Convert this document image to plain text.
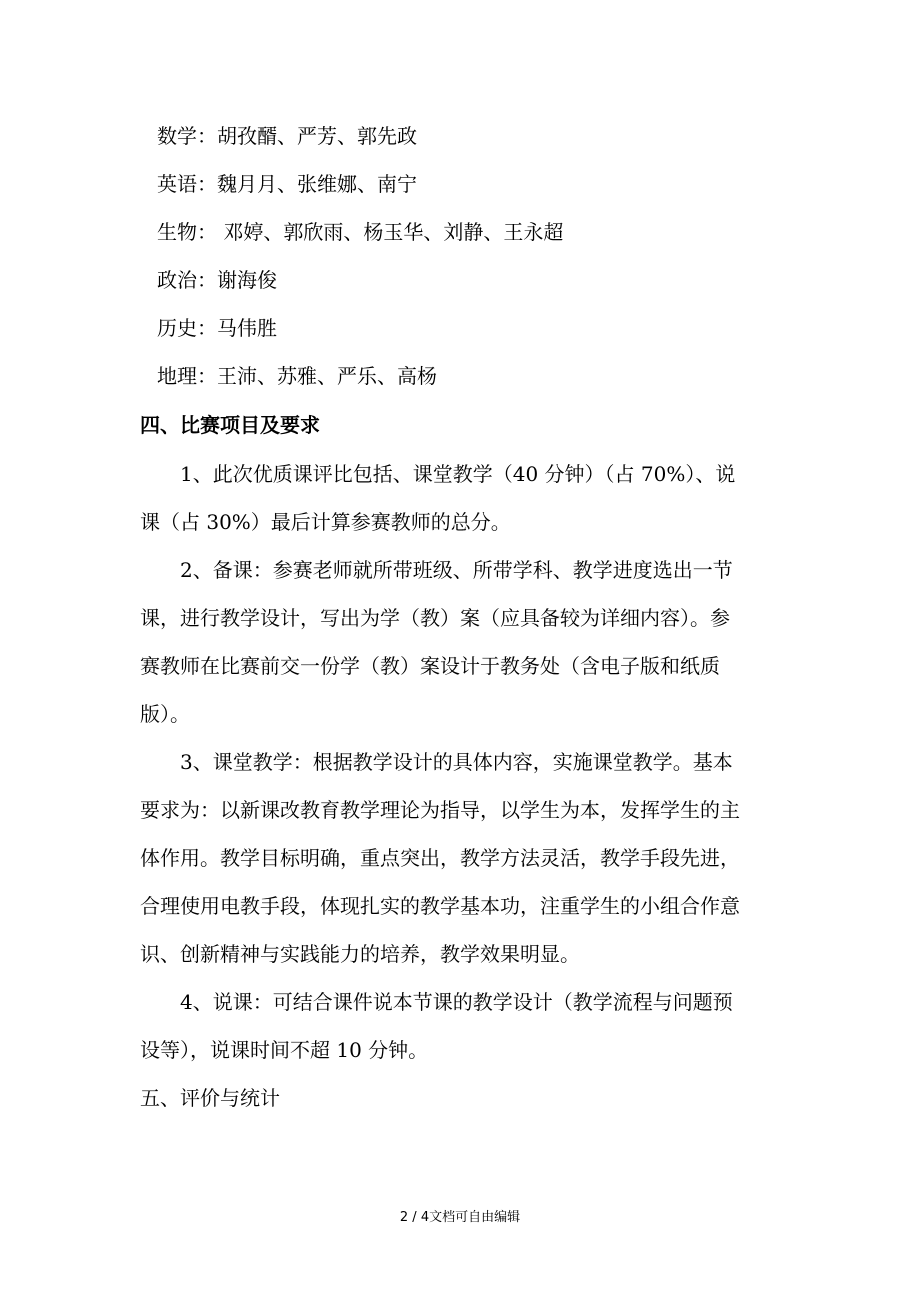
数学：胡孜醑、严芳、郭先政
英语：魏月月、张维娜、南宁
生物： 邓婷、郭欣雨、杨玉华、刘静、王永超
政治：谢海俊
历史：马伟胜
地理：王沛、苏雅、严乐、高杨
四、比赛项目及要求
1、此次优质课评比包括、课堂教学（40 分钟）（占 70%）、说
课（占 30%）最后计算参赛教师的总分。
2、备课：参赛老师就所带班级、所带学科、教学进度选出一节
课，进行教学设计，写出为学（教）案（应具备较为详细内容）。参
赛教师在比赛前交一份学（教）案设计于教务处（含电子版和纸质
版）。
3、课堂教学：根据教学设计的具体内容，实施课堂教学。基本
要求为：以新课改教育教学理论为指导，以学生为本，发挥学生的主
体作用。教学目标明确，重点突出，教学方法灵活，教学手段先进，
合理使用电教手段，体现扎实的教学基本功，注重学生的小组合作意
识、创新精神与实践能力的培养，教学效果明显。
4、说课：可结合课件说本节课的教学设计（教学流程与问题预
设等），说课时间不超 10 分钟。
五、评价与统计
2 / 4文档可自由编辑
